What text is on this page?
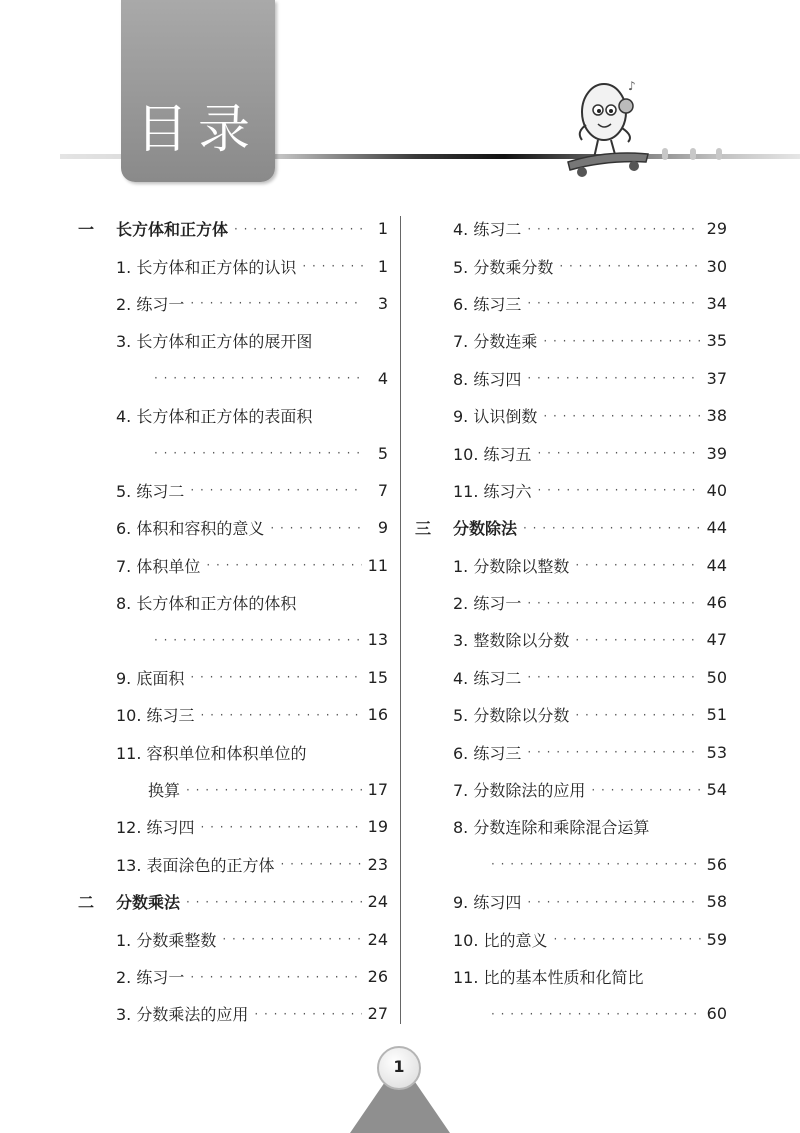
目录
♪
一	长方体和正方体 · · ·	1
1. 长方体和正方体的认识 · · ·	1
2. 练习一 · · ·	3
3. 长方体和正方体的展开图
· · ·
4
4. 长方体和正方体的表面积
· · ·
5
5. 练习二 · · ·	7
6. 体积和容积的意义 · · ·	9
7. 体积单位 · · ·	11
8. 长方体和正方体的体积
· · ·
13
9. 底面积 · · ·	15
10. 练习三 · · ·	16
11. 容积单位和体积单位的
换算 · · ·	17
12. 练习四 · · ·	19
13. 表面涂色的正方体 · · ·	23
二	分数乘法 · · ·	24
1. 分数乘整数 · · ·	24
2. 练习一 · · ·	26
3. 分数乘法的应用 · · ·	27
4. 练习二 · · ·	29
5. 分数乘分数 · · ·	30
6. 练习三 · · ·	34
7. 分数连乘 · · ·	35
8. 练习四 · · ·	37
9. 认识倒数 · · ·	38
10. 练习五 · · ·	39
11. 练习六 · · ·	40
三	分数除法 · · ·	44
1. 分数除以整数 · · ·	44
2. 练习一 · · ·	46
3. 整数除以分数 · · ·	47
4. 练习二 · · ·	50
5. 分数除以分数 · · ·	51
6. 练习三 · · ·	53
7. 分数除法的应用 · · ·	54
8. 分数连除和乘除混合运算
· · ·
56
9. 练习四 · · ·	58
10. 比的意义 · · ·	59
11. 比的基本性质和化简比
· · ·
60
1
